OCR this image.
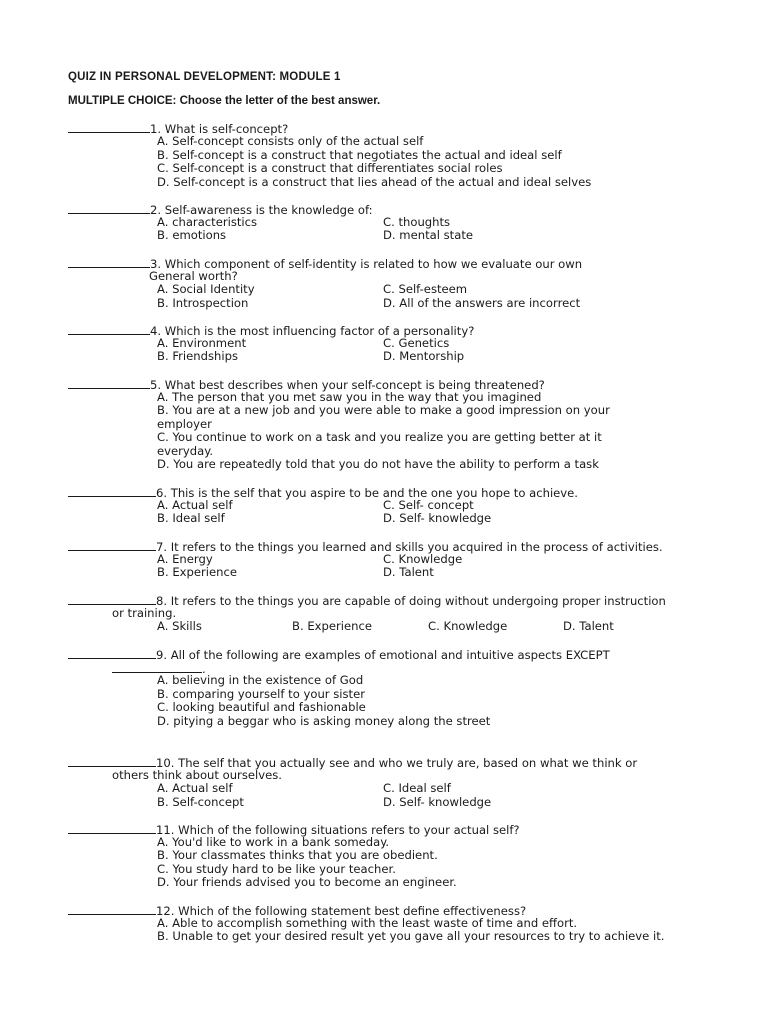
QUIZ IN PERSONAL DEVELOPMENT: MODULE 1
MULTIPLE CHOICE: Choose the letter of the best answer.
1. What is self-concept?
A. Self-concept consists only of the actual self
B. Self-concept is a construct that negotiates the actual and ideal self
C. Self-concept is a construct that differentiates social roles
D. Self-concept is a construct that lies ahead of the actual and ideal selves
2. Self-awareness is the knowledge of:
A. characteristics	C. thoughts
B. emotions	D. mental state
3. Which component of self-identity is related to how we evaluate our own
General worth?
A. Social Identity	C. Self-esteem
B. Introspection	D. All of the answers are incorrect
4. Which is the most influencing factor of a personality?
A. Environment	C. Genetics
B. Friendships	D. Mentorship
5. What best describes when your self-concept is being threatened?
A. The person that you met saw you in the way that you imagined
B. You are at a new job and you were able to make a good impression on your
employer
C. You continue to work on a task and you realize you are getting better at it
everyday.
D. You are repeatedly told that you do not have the ability to perform a task
6. This is the self that you aspire to be and the one you hope to achieve.
A. Actual self	C. Self- concept
B. Ideal self	D. Self- knowledge
7. It refers to the things you learned and skills you acquired in the process of activities.
A. Energy	C. Knowledge
B. Experience	D. Talent
8. It refers to the things you are capable of doing without undergoing proper instruction
or training.
A. Skills	B. Experience	C. Knowledge	D. Talent
9. All of the following are examples of emotional and intuitive aspects EXCEPT
.
A. believing in the existence of God
B. comparing yourself to your sister
C. looking beautiful and fashionable
D. pitying a beggar who is asking money along the street
10. The self that you actually see and who we truly are, based on what we think or
others think about ourselves.
A. Actual self	C. Ideal self
B. Self-concept	D. Self- knowledge
11. Which of the following situations refers to your actual self?
A. You'd like to work in a bank someday.
B. Your classmates thinks that you are obedient.
C. You study hard to be like your teacher.
D. Your friends advised you to become an engineer.
12. Which of the following statement best define effectiveness?
A. Able to accomplish something with the least waste of time and effort.
B. Unable to get your desired result yet you gave all your resources to try to achieve it.
